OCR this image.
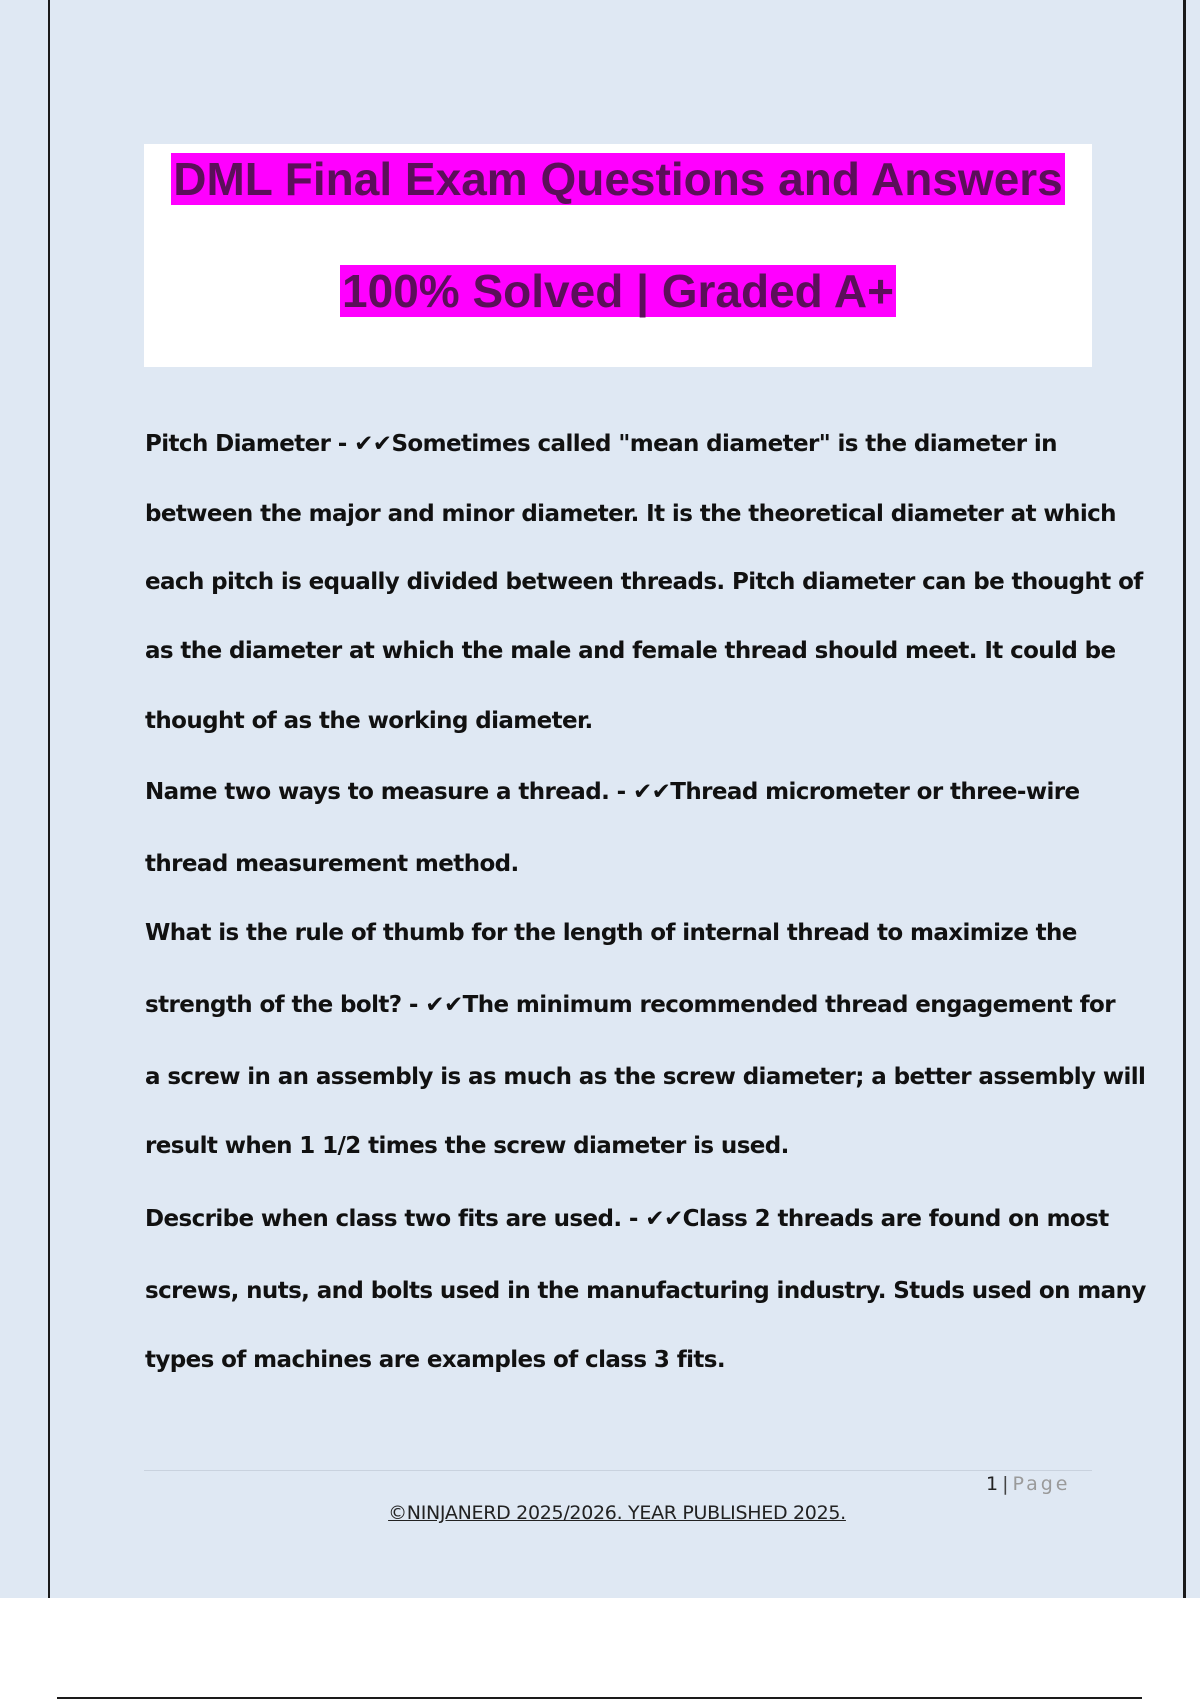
DML Final Exam Questions and Answers
100% Solved | Graded A+
Pitch Diameter - ✔✔Sometimes called "mean diameter" is the diameter in
between the major and minor diameter. It is the theoretical diameter at which
each pitch is equally divided between threads. Pitch diameter can be thought of
as the diameter at which the male and female thread should meet. It could be
thought of as the working diameter.
Name two ways to measure a thread. - ✔✔Thread micrometer or three-wire
thread measurement method.
What is the rule of thumb for the length of internal thread to maximize the
strength of the bolt? - ✔✔The minimum recommended thread engagement for
a screw in an assembly is as much as the screw diameter; a better assembly will
result when 1 1/2 times the screw diameter is used.
Describe when class two fits are used. - ✔✔Class 2 threads are found on most
screws, nuts, and bolts used in the manufacturing industry. Studs used on many
types of machines are examples of class 3 fits.
1 | Page
©NINJANERD 2025/2026. YEAR PUBLISHED 2025.
